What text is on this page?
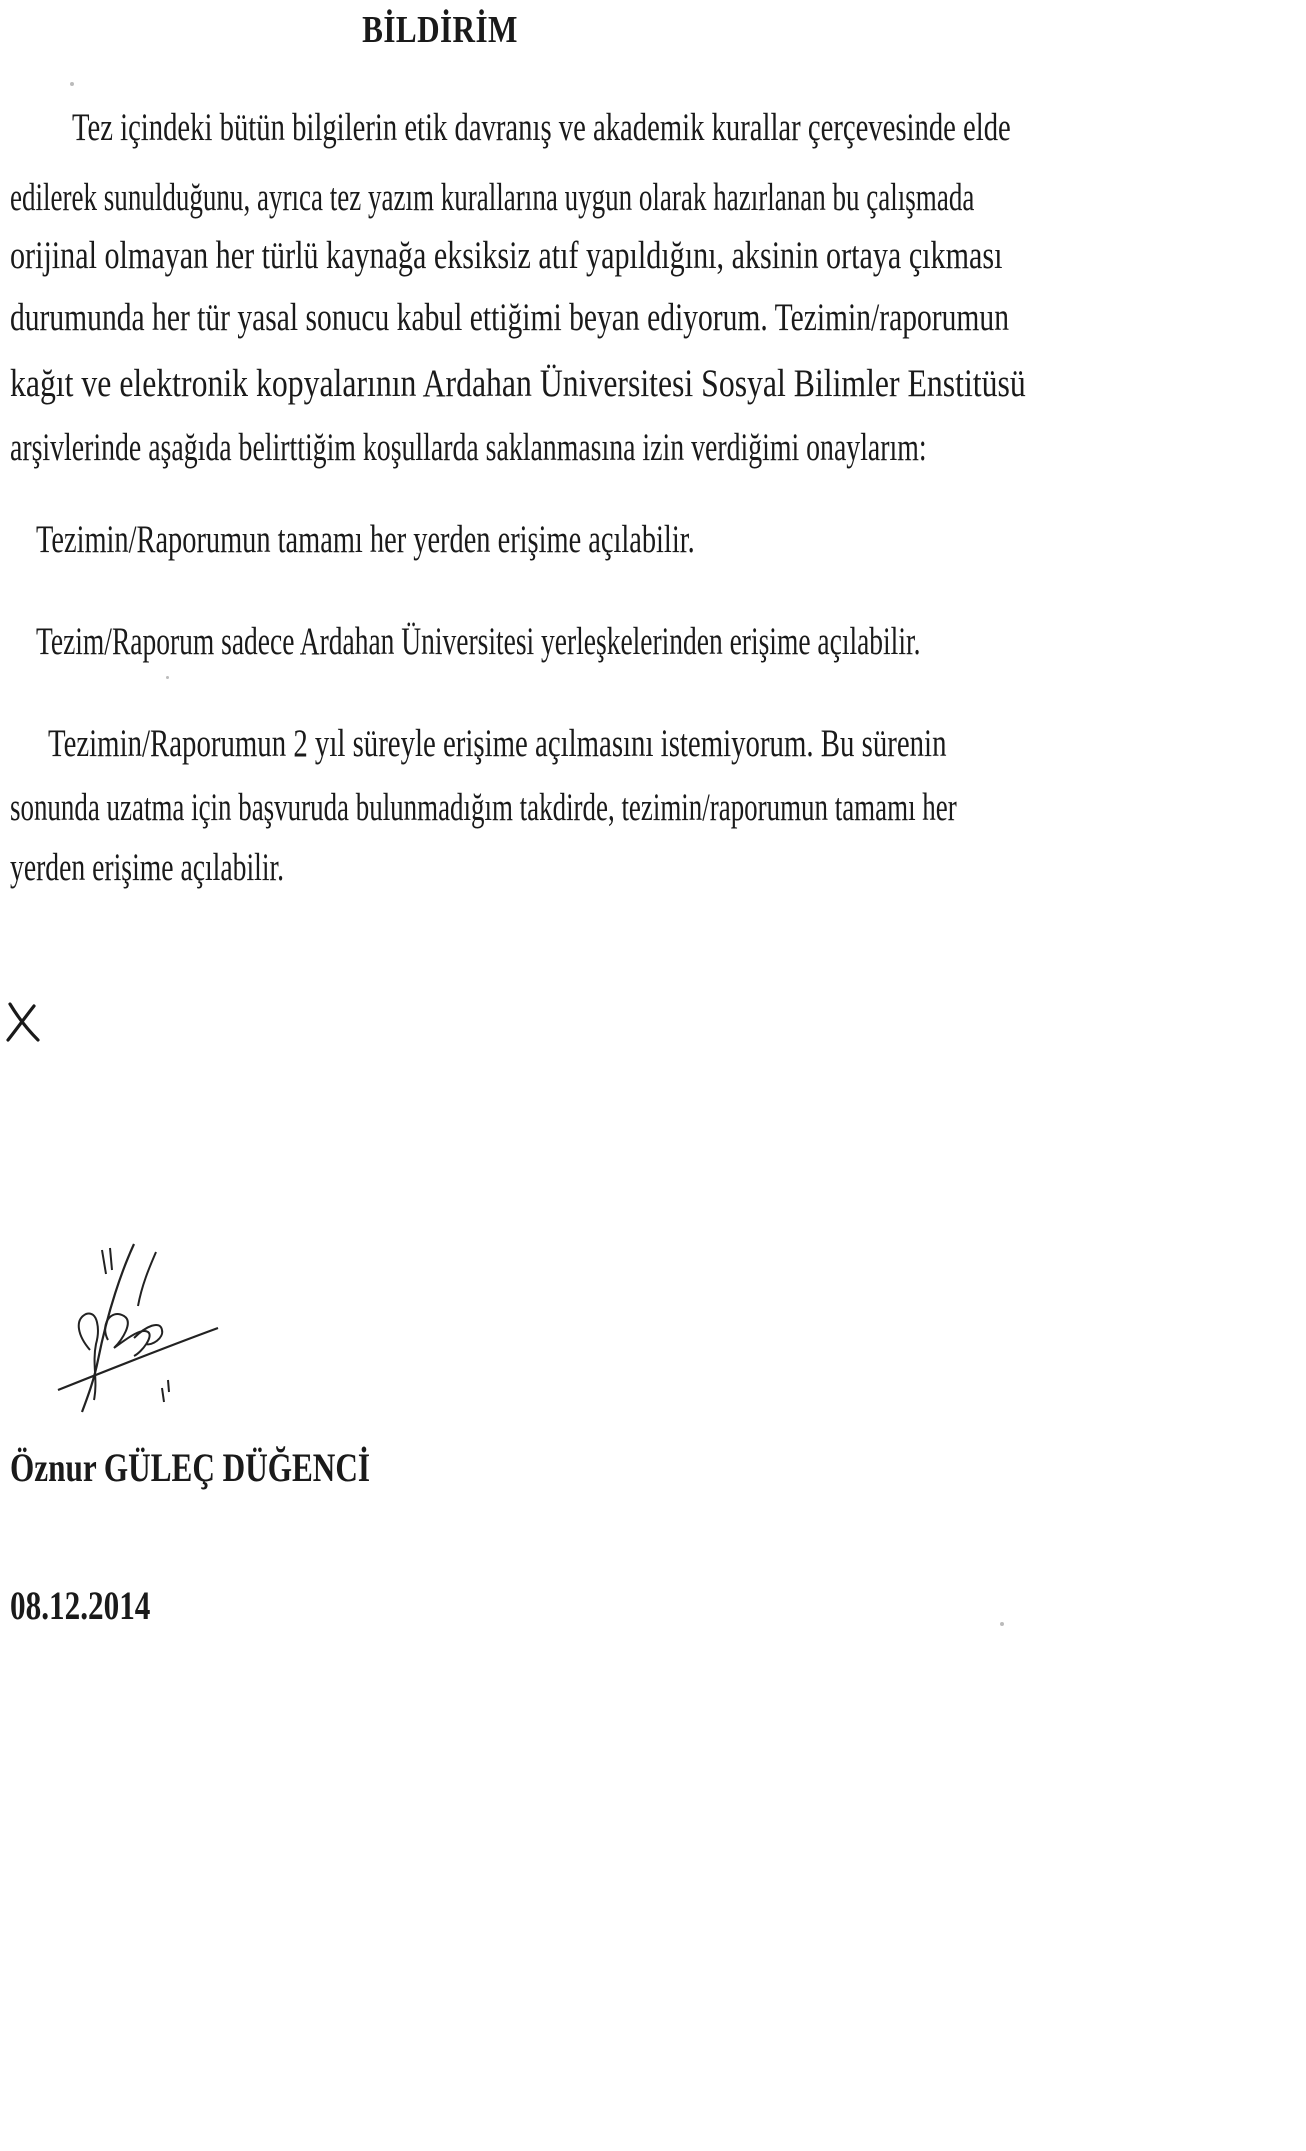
BİLDİRİM
Tez içindeki bütün bilgilerin etik davranış ve akademik kurallar çerçevesinde elde
edilerek sunulduğunu, ayrıca tez yazım kurallarına uygun olarak hazırlanan bu çalışmada
orijinal olmayan her türlü kaynağa eksiksiz atıf yapıldığını, aksinin ortaya çıkması
durumunda her tür yasal sonucu kabul ettiğimi beyan ediyorum. Tezimin/raporumun
kağıt ve elektronik kopyalarının Ardahan Üniversitesi Sosyal Bilimler Enstitüsü
arşivlerinde aşağıda belirttiğim koşullarda saklanmasına izin verdiğimi onaylarım:
Tezimin/Raporumun tamamı her yerden erişime açılabilir.
Tezim/Raporum sadece Ardahan Üniversitesi yerleşkelerinden erişime açılabilir.
Tezimin/Raporumun 2 yıl süreyle erişime açılmasını istemiyorum. Bu sürenin
sonunda uzatma için başvuruda bulunmadığım takdirde, tezimin/raporumun tamamı her
yerden erişime açılabilir.
Öznur GÜLEÇ DÜĞENCİ
08.12.2014
